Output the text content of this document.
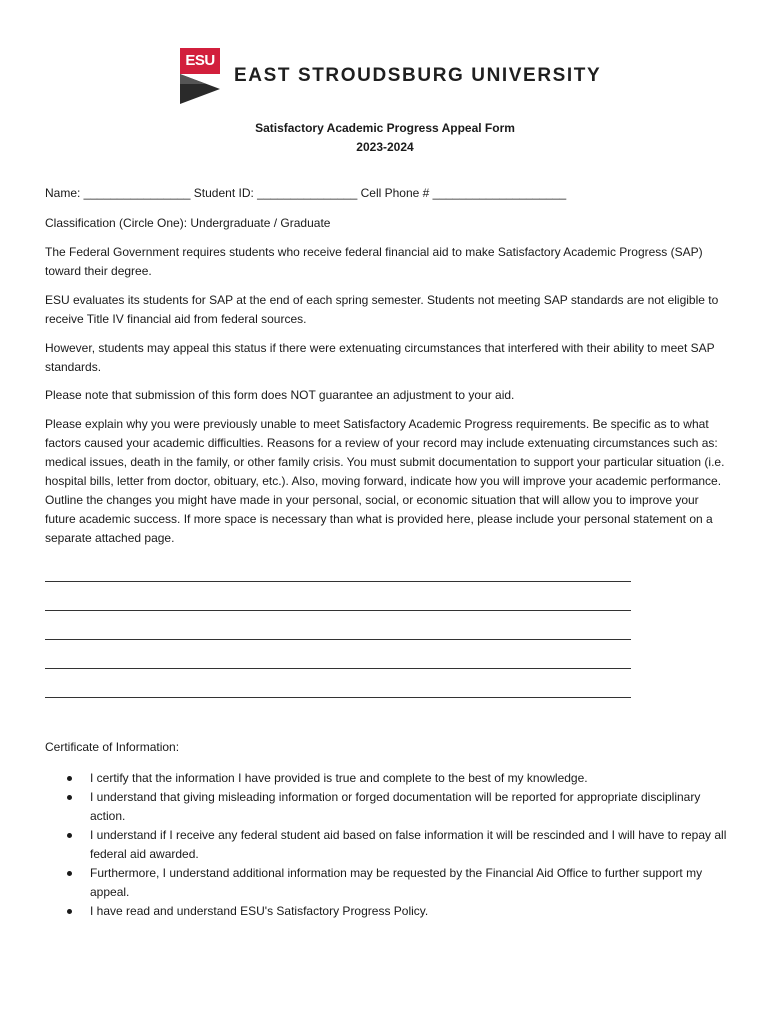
ESU
EAST STROUDSBURG UNIVERSITY
Satisfactory Academic Progress Appeal Form
2023-2024

Name: ________________ Student ID: _______________ Cell Phone # ____________________

Classification (Circle One): Undergraduate / Graduate

The Federal Government requires students who receive federal financial aid to make Satisfactory Academic Progress (SAP) toward their degree.

ESU evaluates its students for SAP at the end of each spring semester. Students not meeting SAP standards are not eligible to receive Title IV financial aid from federal sources.

However, students may appeal this status if there were extenuating circumstances that interfered with their ability to meet SAP standards.

Please note that submission of this form does NOT guarantee an adjustment to your aid.

Please explain why you were previously unable to meet Satisfactory Academic Progress requirements. Be specific as to what factors caused your academic difficulties. Reasons for a review of your record may include extenuating circumstances such as: medical issues, death in the family, or other family crisis. You must submit documentation to support your particular situation (i.e. hospital bills, letter from doctor, obituary, etc.). Also, moving forward, indicate how you will improve your academic performance. Outline the changes you might have made in your personal, social, or economic situation that will allow you to improve your future academic success. If more space is necessary than what is provided here, please include your personal statement on a separate attached page.

Certificate of Information:
I certify that the information I have provided is true and complete to the best of my knowledge.
I understand that giving misleading information or forged documentation will be reported for appropriate disciplinary action.
I understand if I receive any federal student aid based on false information it will be rescinded and I will have to repay all federal aid awarded.
Furthermore, I understand additional information may be requested by the Financial Aid Office to further support my appeal.
I have read and understand ESU's Satisfactory Progress Policy.
